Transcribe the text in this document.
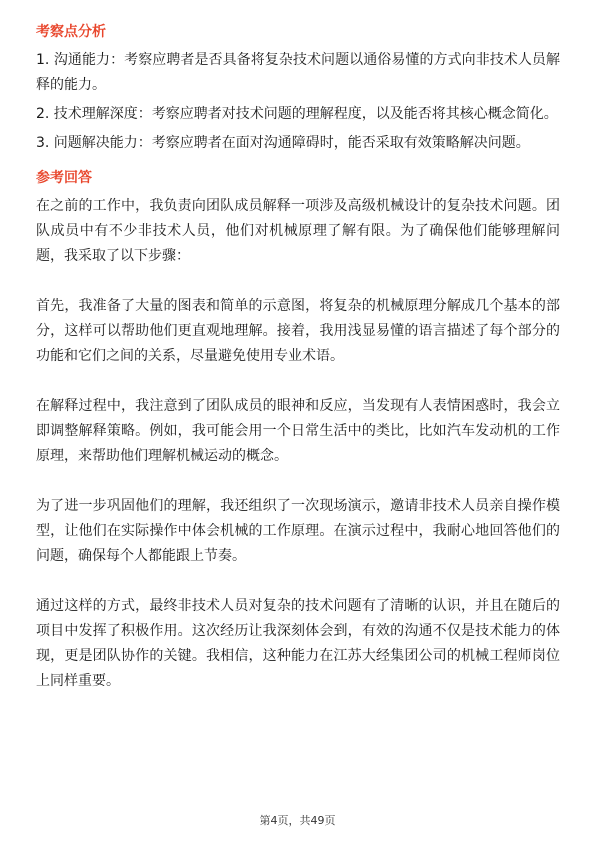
考察点分析
1. 沟通能力：考察应聘者是否具备将复杂技术问题以通俗易懂的方式向非技术人员解释的能力。
2. 技术理解深度：考察应聘者对技术问题的理解程度，以及能否将其核心概念简化。
3. 问题解决能力：考察应聘者在面对沟通障碍时，能否采取有效策略解决问题。
参考回答

在之前的工作中，我负责向团队成员解释一项涉及高级机械设计的复杂技术问题。团队成员中有不少非技术人员，他们对机械原理了解有限。为了确保他们能够理解问题，我采取了以下步骤：

首先，我准备了大量的图表和简单的示意图，将复杂的机械原理分解成几个基本的部分，这样可以帮助他们更直观地理解。接着，我用浅显易懂的语言描述了每个部分的功能和它们之间的关系，尽量避免使用专业术语。

在解释过程中，我注意到了团队成员的眼神和反应，当发现有人表情困惑时，我会立即调整解释策略。例如，我可能会用一个日常生活中的类比，比如汽车发动机的工作原理，来帮助他们理解机械运动的概念。

为了进一步巩固他们的理解，我还组织了一次现场演示，邀请非技术人员亲自操作模型，让他们在实际操作中体会机械的工作原理。在演示过程中，我耐心地回答他们的问题，确保每个人都能跟上节奏。

通过这样的方式，最终非技术人员对复杂的技术问题有了清晰的认识，并且在随后的项目中发挥了积极作用。这次经历让我深刻体会到，有效的沟通不仅是技术能力的体现，更是团队协作的关键。我相信，这种能力在江苏大经集团公司的机械工程师岗位上同样重要。

第4页，共49页
